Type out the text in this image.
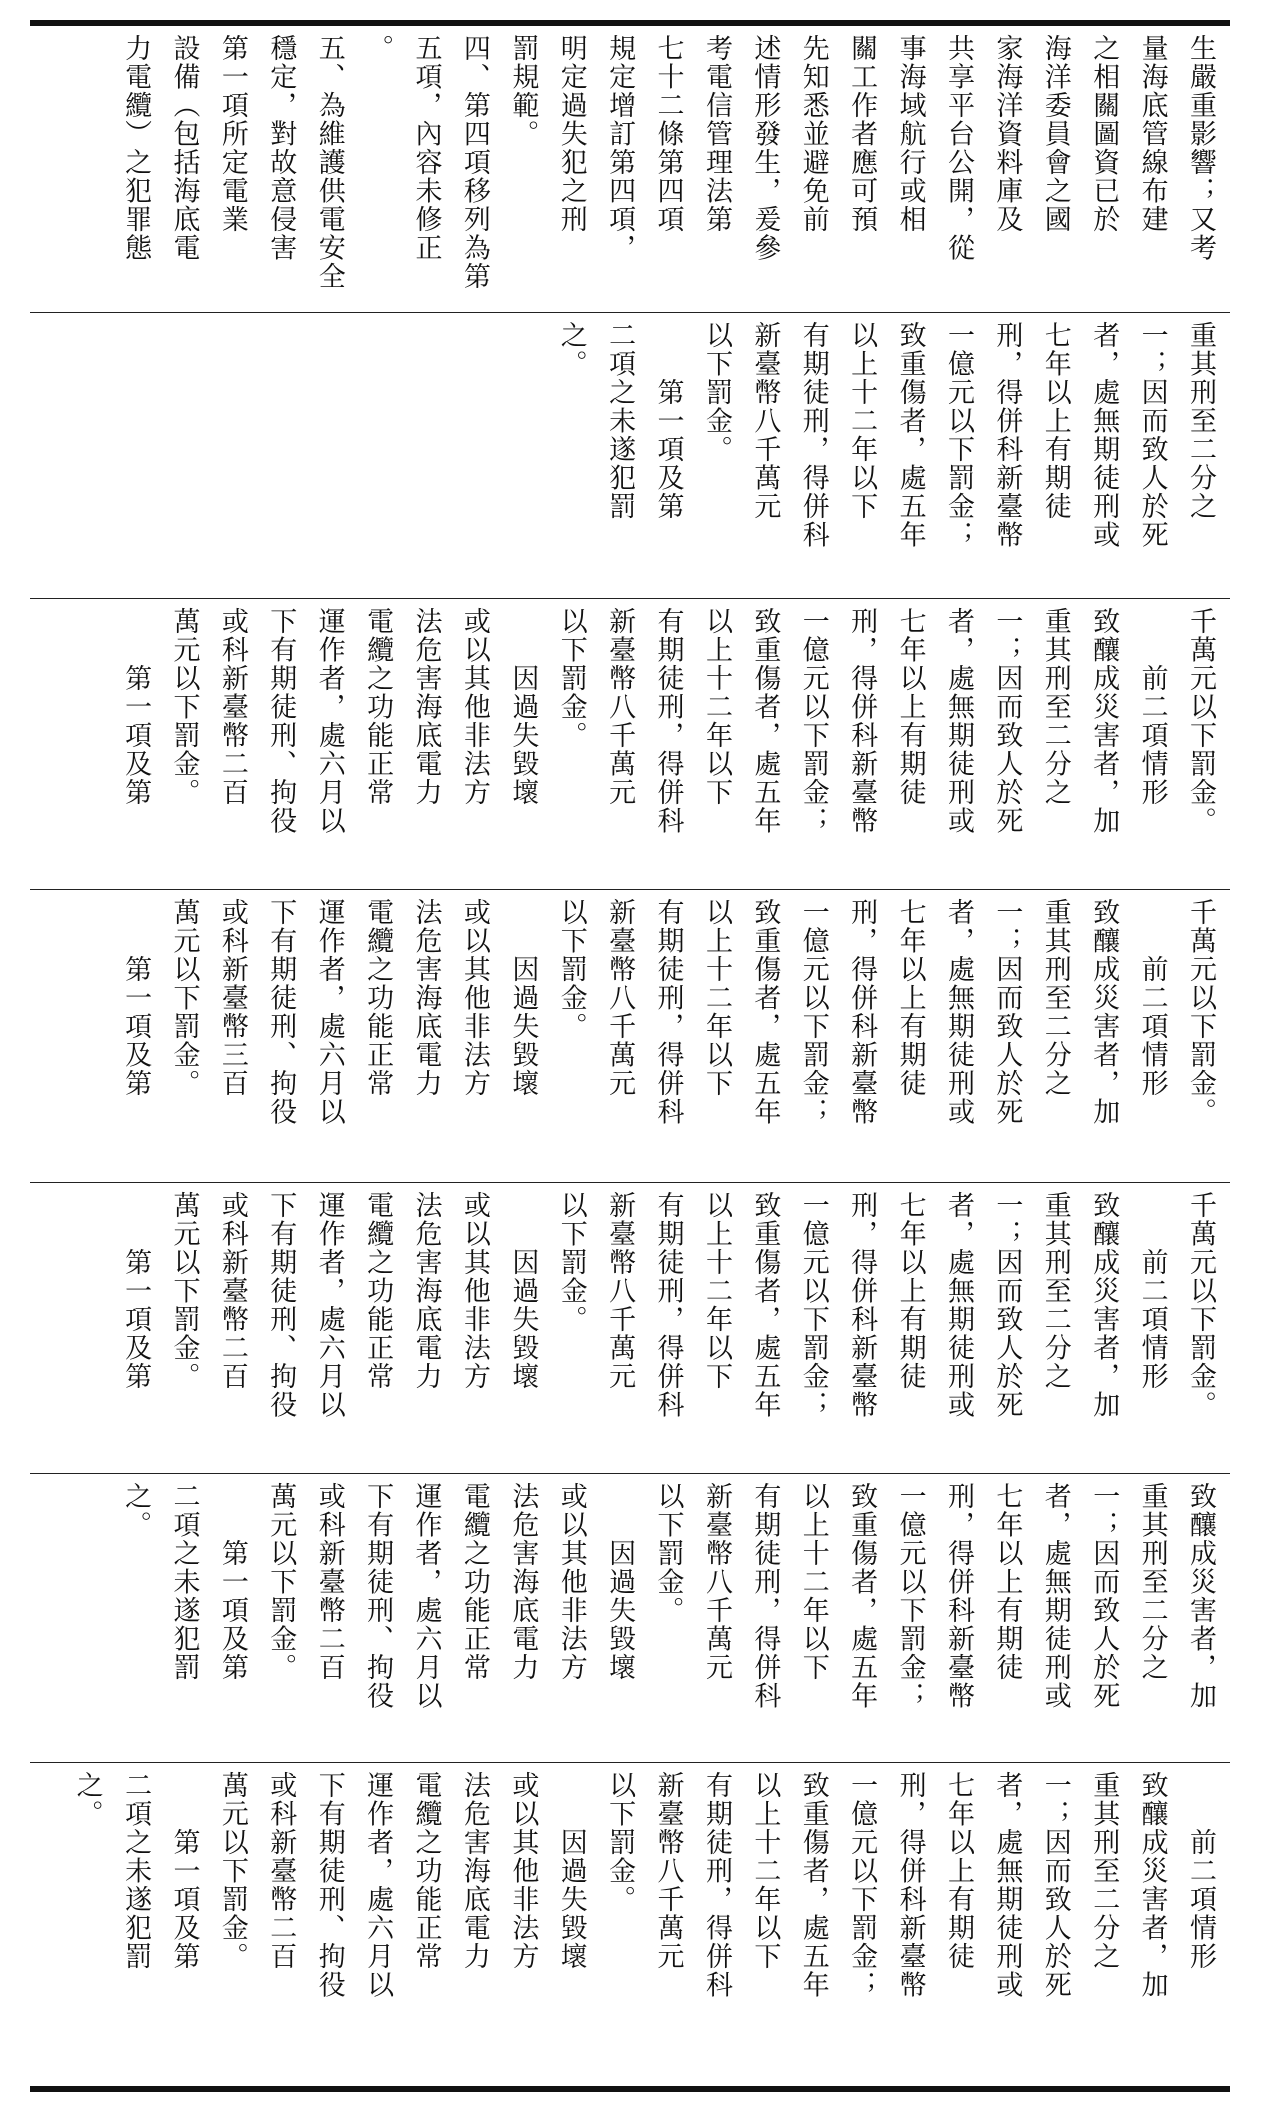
生嚴重影響；又考
量海底管線布建
之相關圖資已於
海洋委員會之國
家海洋資料庫及
共享平台公開，從
事海域航行或相
關工作者應可預
先知悉並避免前
述情形發生，爰參
考電信管理法第
七十二條第四項
規定增訂第四項，
明定過失犯之刑
罰規範。
四、第四項移列為第
五項，內容未修正
。
五、為維護供電安全
穩定，對故意侵害
第一項所定電業
設備（包括海底電
力電纜）之犯罪態
重其刑至二分之
一；因而致人於死
者，處無期徒刑或
七年以上有期徒
刑，得併科新臺幣
一億元以下罰金；
致重傷者，處五年
以上十二年以下
有期徒刑，得併科
新臺幣八千萬元
以下罰金。
　　第一項及第
二項之未遂犯罰
之。
千萬元以下罰金。
　　前二項情形
致釀成災害者，加
重其刑至二分之
一；因而致人於死
者，處無期徒刑或
七年以上有期徒
刑，得併科新臺幣
一億元以下罰金；
致重傷者，處五年
以上十二年以下
有期徒刑，得併科
新臺幣八千萬元
以下罰金。
　　因過失毀壞
或以其他非法方
法危害海底電力
電纜之功能正常
運作者，處六月以
下有期徒刑、拘役
或科新臺幣二百
萬元以下罰金。
　　第一項及第
千萬元以下罰金。
　　前二項情形
致釀成災害者，加
重其刑至二分之
一；因而致人於死
者，處無期徒刑或
七年以上有期徒
刑，得併科新臺幣
一億元以下罰金；
致重傷者，處五年
以上十二年以下
有期徒刑，得併科
新臺幣八千萬元
以下罰金。
　　因過失毀壞
或以其他非法方
法危害海底電力
電纜之功能正常
運作者，處六月以
下有期徒刑、拘役
或科新臺幣三百
萬元以下罰金。
　　第一項及第
千萬元以下罰金。
　　前二項情形
致釀成災害者，加
重其刑至二分之
一；因而致人於死
者，處無期徒刑或
七年以上有期徒
刑，得併科新臺幣
一億元以下罰金；
致重傷者，處五年
以上十二年以下
有期徒刑，得併科
新臺幣八千萬元
以下罰金。
　　因過失毀壞
或以其他非法方
法危害海底電力
電纜之功能正常
運作者，處六月以
下有期徒刑、拘役
或科新臺幣二百
萬元以下罰金。
　　第一項及第
致釀成災害者，加
重其刑至二分之
一；因而致人於死
者，處無期徒刑或
七年以上有期徒
刑，得併科新臺幣
一億元以下罰金；
致重傷者，處五年
以上十二年以下
有期徒刑，得併科
新臺幣八千萬元
以下罰金。
　　因過失毀壞
或以其他非法方
法危害海底電力
電纜之功能正常
運作者，處六月以
下有期徒刑、拘役
或科新臺幣二百
萬元以下罰金。
　　第一項及第
二項之未遂犯罰
之。
　　前二項情形
致釀成災害者，加
重其刑至二分之
一；因而致人於死
者，處無期徒刑或
七年以上有期徒
刑，得併科新臺幣
一億元以下罰金；
致重傷者，處五年
以上十二年以下
有期徒刑，得併科
新臺幣八千萬元
以下罰金。
　　因過失毀壞
或以其他非法方
法危害海底電力
電纜之功能正常
運作者，處六月以
下有期徒刑、拘役
或科新臺幣二百
萬元以下罰金。
　　第一項及第
二項之未遂犯罰
之。
